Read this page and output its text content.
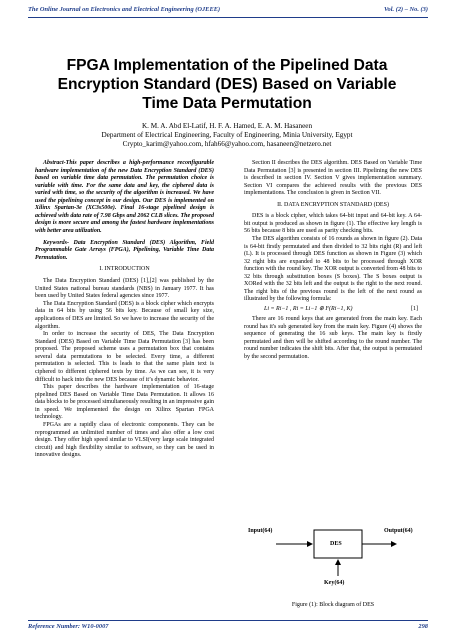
The Online Journal on Electronics and Electrical Engineering (OJEEE)	Vol. (2) – No. (3)
FPGA Implementation of the Pipelined Data
Encryption Standard (DES) Based on Variable
Time Data Permutation
K. M. A. Abd El-Latif, H. F. A. Hamed, E. A. M. Hasaneen
Department of Electrical Engineering, Faculty of Engineering, Minia University, Egypt
Crypto_karim@yahoo.com, hfah66@yahoo.com, hasaneen@netzero.net

Abstract-This paper describes a high-performance reconfigurable hardware implementation of the new Data Encryption Standard (DES) based on variable time data permutation. The permutation choice is variable with time. For the same data and key, the ciphered data is varied with time, so the security of the algorithm is increased. We have used the pipelining concept in our design. Our DES is implemented on Xilinx Spartan-3e (XC3s500e). Final 16-stage pipelined design is achieved with data rate of 7.98 Gbps and 2062 CLB slices. The proposed design is more secure and among the fastest hardware implementations with better area utilization.

Keywords- Data Encryption Standard (DES) Algorithm, Field Programmable Gate Arrays (FPGA), Pipelining, Variable Time Data Permutation.

I. INTRODUCTION

The Data Encryption Standard (DES) [1],[2] was published by the United States national bureau standards (NBS) in January 1977. It has been used by United States federal agencies since 1977.

The Data Encryption Standard (DES) is a block cipher which encrypts data in 64 bits by using 56 bits key. Because of small key size, applications of DES are limited. So we have to increase the security of the algorithm.

In order to increase the security of DES, The Data Encryption Standard (DES) Based on Variable Time Data Permutation [3] has been proposed. The proposed scheme uses a permutation box that contains several data permutations to be selected. Every time, a different permutation is selected. This is leads to that the same plain text is ciphered to different ciphered texts by time. As we can see, it is very difficult to hack into the new DES because of it’s dynamic behavior.

This paper describes the hardware implementation of 16-stage pipelined DES Based on Variable Time Data Permutation. It allows 16 data blocks to be processed simultaneously resulting in an impressive gain in speed. We implemented the design on Xilinx Spartan FPGA technology.

FPGAs are a rapidly class of electronic components. They can be reprogrammed an unlimited number of times and also offer a low cost design. They offer high speed similar to VLSI(very large scale integrated circuit) and high flexibility similar to software, so they can be used in innovative designs.

Section II describes the DES algorithm. DES Based on Variable Time Data Permutation [3] is presented in section III. Pipelining the new DES is described in section IV. Section V gives implementation summary. Section VI compares the achieved results with the previous DES implementations. The conclusion is given in Section VII.

II. DATA ENCRYPTION STANDARD (DES)

DES is a block cipher, which takes 64-bit input and 64-bit key. A 64-bit output is produced as shown in figure (1). The effective key length is 56 bits because 8 bits are used as parity checking bits.

The DES algorithm consists of 16 rounds as shown in figure (2). Data is 64-bit firstly permutated and then divided to 32 bits right (R) and left (L). It is processed through DES function as shown in Figure (3) which 32 right bits are expanded to 48 bits to be processed through XOR function with the round key. The XOR output is converted from 48 bits to 32 bits through substitution boxes (S boxes). The S boxes output is XORed with the 32 bits left and the output is the right to the next round. The right bits of the previous round is the left of the next round as illustrated by the following formula:

Li = Ri−1 , Ri = Li−1 ⊕ F(Ri−1, K)	[1]

There are 16 round keys that are generated from the main key. Each round has it's sub generated key from the main key. Figure (4) shows the sequence of generating the 16 sub keys. The main key is firstly permutated and then will be shifted according to the round number. The round number indicates the shift bits. After that, the output is permutated by the second permutation.

Input(64)
DES
Output(64)
Key(64)
Figure (1): Block diagram of DES
Reference Number: W10-0007	298
